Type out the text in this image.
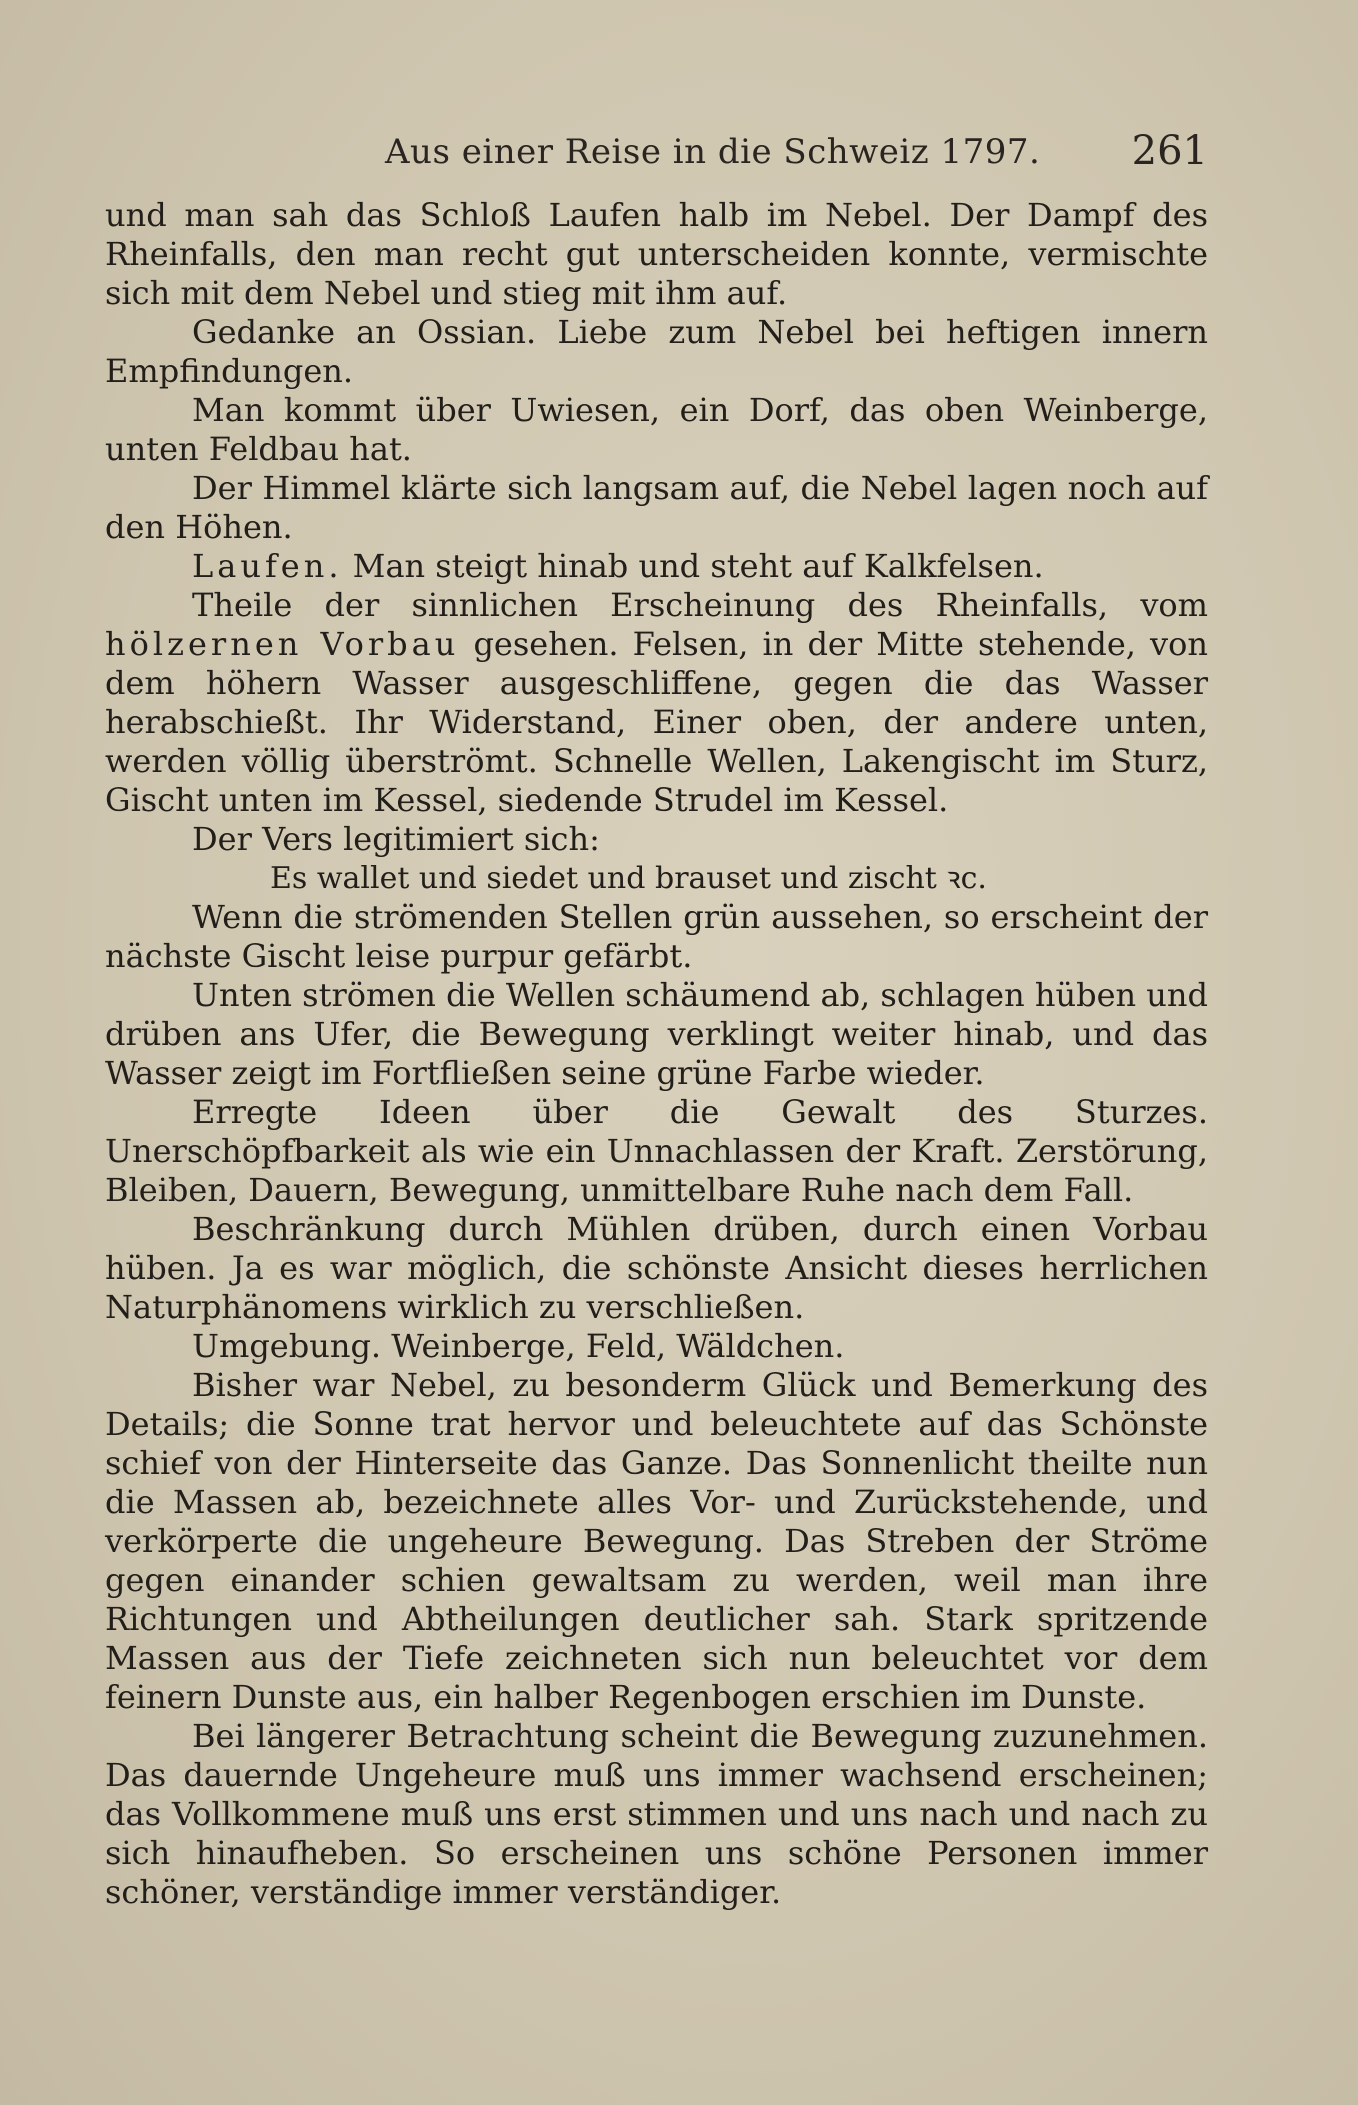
Aus einer Reise in die Schweiz 1797. 261

und man sah das Schloß Laufen halb im Nebel. Der Dampf des Rheinfalls, den man recht gut unterscheiden konnte, vermischte sich mit dem Nebel und stieg mit ihm auf.

Gedanke an Ossian. Liebe zum Nebel bei heftigen innern Empfindungen.

Man kommt über Uwiesen, ein Dorf, das oben Weinberge, unten Feldbau hat.

Der Himmel klärte sich langsam auf, die Nebel lagen noch auf den Höhen.

Laufen. Man steigt hinab und steht auf Kalkfelsen.

Theile der sinnlichen Erscheinung des Rheinfalls, vom hölzernen Vorbau gesehen. Felsen, in der Mitte stehende, von dem höhern Wasser ausgeschliffene, gegen die das Wasser herabschießt. Ihr Widerstand, Einer oben, der andere unten, werden völlig überströmt. Schnelle Wellen, Lakengischt im Sturz, Gischt unten im Kessel, siedende Strudel im Kessel.

Der Vers legitimiert sich:

Es wallet und siedet und brauset und zischt ꝛc.

Wenn die strömenden Stellen grün aussehen, so erscheint der nächste Gischt leise purpur gefärbt.

Unten strömen die Wellen schäumend ab, schlagen hüben und drüben ans Ufer, die Bewegung verklingt weiter hinab, und das Wasser zeigt im Fortfließen seine grüne Farbe wieder.

Erregte Ideen über die Gewalt des Sturzes. Unerschöpfbarkeit als wie ein Unnachlassen der Kraft. Zerstörung, Bleiben, Dauern, Bewegung, unmittelbare Ruhe nach dem Fall.

Beschränkung durch Mühlen drüben, durch einen Vorbau hüben. Ja es war möglich, die schönste Ansicht dieses herrlichen Naturphänomens wirklich zu verschließen.

Umgebung. Weinberge, Feld, Wäldchen.

Bisher war Nebel, zu besonderm Glück und Bemerkung des Details; die Sonne trat hervor und beleuchtete auf das Schönste schief von der Hinterseite das Ganze. Das Sonnenlicht theilte nun die Massen ab, bezeichnete alles Vor- und Zurückstehende, und verkörperte die ungeheure Bewegung. Das Streben der Ströme gegen einander schien gewaltsam zu werden, weil man ihre Richtungen und Abtheilungen deutlicher sah. Stark spritzende Massen aus der Tiefe zeichneten sich nun beleuchtet vor dem feinern Dunste aus, ein halber Regenbogen erschien im Dunste.

Bei längerer Betrachtung scheint die Bewegung zuzunehmen. Das dauernde Ungeheure muß uns immer wachsend erscheinen; das Vollkommene muß uns erst stimmen und uns nach und nach zu sich hinaufheben. So erscheinen uns schöne Personen immer schöner, verständige immer verständiger.
